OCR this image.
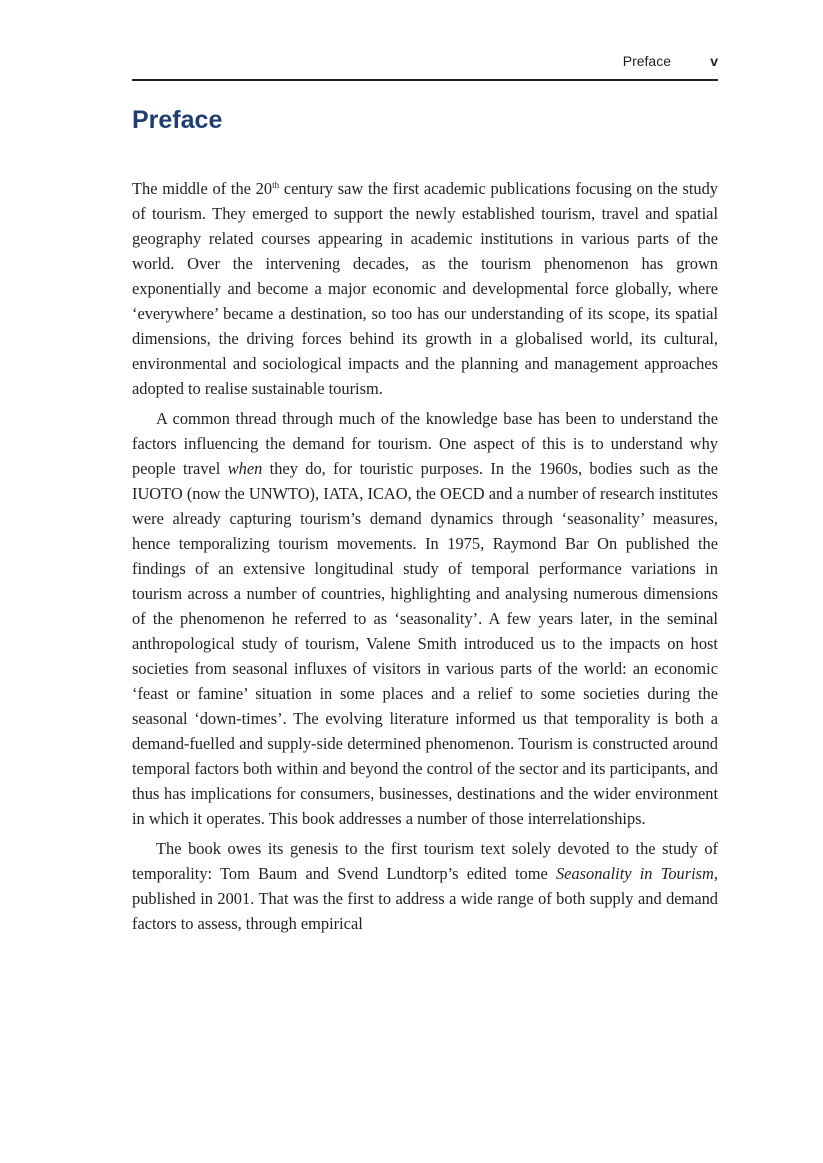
Preface	v
Preface

The middle of the 20th century saw the first academic publications focusing on the study of tourism. They emerged to support the newly established tourism, travel and spatial geography related courses appearing in academic institutions in various parts of the world. Over the intervening decades, as the tourism phenomenon has grown exponentially and become a major economic and developmental force globally, where ‘everywhere’ became a destination, so too has our understanding of its scope, its spatial dimensions, the driving forces behind its growth in a globalised world, its cultural, environmental and sociological impacts and the planning and management approaches adopted to realise sustainable tourism.

A common thread through much of the knowledge base has been to understand the factors influencing the demand for tourism. One aspect of this is to understand why people travel when they do, for touristic purposes. In the 1960s, bodies such as the IUOTO (now the UNWTO), IATA, ICAO, the OECD and a number of research institutes were already capturing tourism’s demand dynamics through ‘seasonality’ measures, hence temporalizing tourism movements. In 1975, Raymond Bar On published the findings of an extensive longitudinal study of temporal performance variations in tourism across a number of countries, highlighting and analysing numerous dimensions of the phenomenon he referred to as ‘seasonality’. A few years later, in the seminal anthropological study of tourism, Valene Smith introduced us to the impacts on host societies from seasonal influxes of visitors in various parts of the world: an economic ‘feast or famine’ situation in some places and a relief to some societies during the seasonal ‘down-times’. The evolving literature informed us that temporality is both a demand-fuelled and supply-side determined phenomenon. Tourism is constructed around temporal factors both within and beyond the control of the sector and its participants, and thus has implications for consumers, businesses, destinations and the wider environment in which it operates. This book addresses a number of those interrelationships.

The book owes its genesis to the first tourism text solely devoted to the study of temporality: Tom Baum and Svend Lundtorp’s edited tome Seasonality in Tourism, published in 2001. That was the first to address a wide range of both supply and demand factors to assess, through empirical
